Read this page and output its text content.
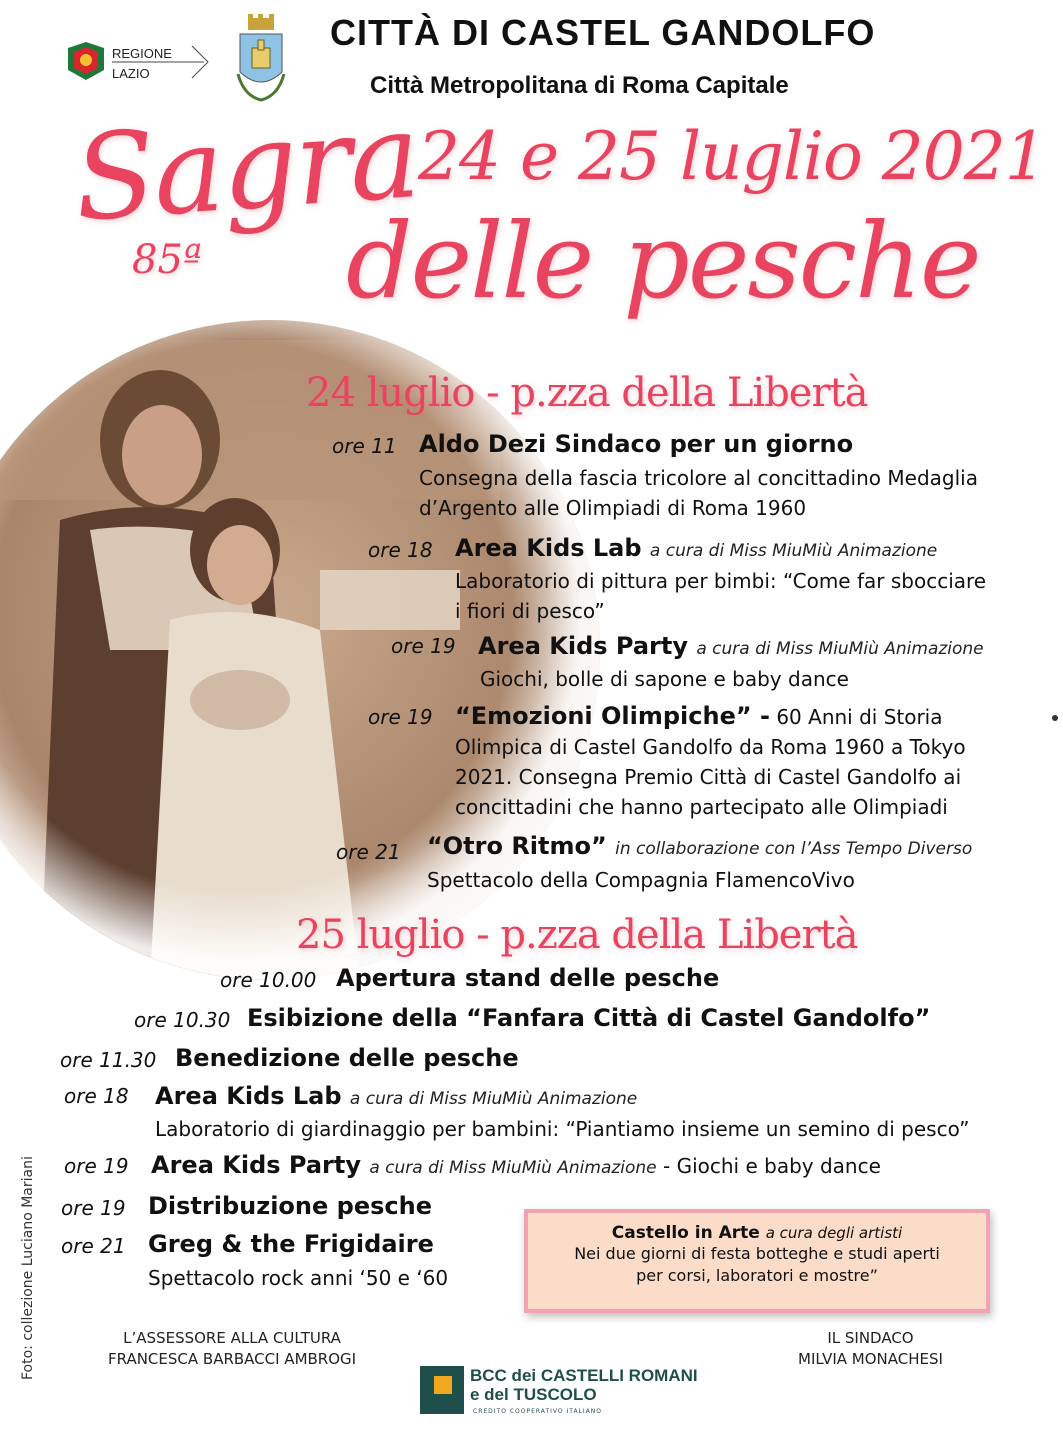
REGIONE
LAZIO
CITTÀ DI CASTEL GANDOLFO
Città Metropolitana di Roma Capitale
Sagra
85ª
24 e 25 luglio 2021
delle pesche
24 luglio - p.zza della Libertà
ore 11 Aldo Dezi Sindaco per un giorno
Consegna della fascia tricolore al concittadino Medaglia
d’Argento alle Olimpiadi di Roma 1960
ore 18 Area Kids Lab a cura di Miss MiuMiù Animazione
Laboratorio di pittura per bimbi: “Come far sbocciare
i fiori di pesco”
ore 19 Area Kids Party a cura di Miss MiuMiù Animazione
Giochi, bolle di sapone e baby dance
ore 19 “Emozioni Olimpiche” - 60 Anni di Storia
Olimpica di Castel Gandolfo da Roma 1960 a Tokyo
2021. Consegna Premio Città di Castel Gandolfo ai
concittadini che hanno partecipato alle Olimpiadi
ore 21 “Otro Ritmo” in collaborazione con l’Ass Tempo Diverso
Spettacolo della Compagnia FlamencoVivo
25 luglio - p.zza della Libertà
ore 10.00 Apertura stand delle pesche
ore 10.30 Esibizione della “Fanfara Città di Castel Gandolfo”
ore 11.30 Benedizione delle pesche
ore 18 Area Kids Lab a cura di Miss MiuMiù Animazione
Laboratorio di giardinaggio per bambini: “Piantiamo insieme un semino di pesco”
ore 19 Area Kids Party a cura di Miss MiuMiù Animazione - Giochi e baby dance
ore 19 Distribuzione pesche
ore 21 Greg & the Frigidaire
Spettacolo rock anni ‘50 e ‘60
Castello in Arte a cura degli artisti
Nei due giorni di festa botteghe e studi aperti
per corsi, laboratori e mostre”
L’ASSESSORE ALLA CULTURA
FRANCESCA BARBACCI AMBROGI
IL SINDACO
MILVIA MONACHESI
Foto: collezione Luciano Mariani	BCC dei CASTELLI ROMANI
e del TUSCOLO
CREDITO COOPERATIVO ITALIANO
